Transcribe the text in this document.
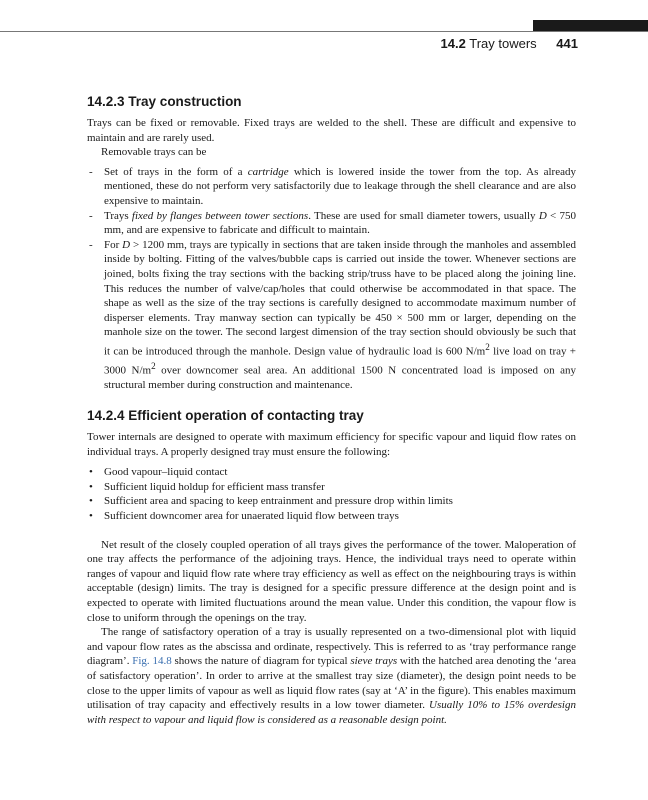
14.2 Tray towers 441
14.2.3 Tray construction

Trays can be fixed or removable. Fixed trays are welded to the shell. These are difficult and expensive to maintain and are rarely used.

Removable trays can be

- Set of trays in the form of a cartridge which is lowered inside the tower from the top. As already mentioned, these do not perform very satisfactorily due to leakage through the shell clearance and are also expensive to maintain.
- Trays fixed by flanges between tower sections. These are used for small diameter towers, usually D < 750 mm, and are expensive to fabricate and difficult to maintain.
- For D > 1200 mm, trays are typically in sections that are taken inside through the manholes and assembled inside by bolting. Fitting of the valves/bubble caps is carried out inside the tower. Whenever sections are joined, bolts fixing the tray sections with the backing strip/truss have to be placed along the joining line. This reduces the number of valve/cap/holes that could otherwise be accommodated in that space. The shape as well as the size of the tray sections is carefully designed to accommodate maximum number of disperser elements. Tray manway section can typically be 450 × 500 mm or larger, depending on the manhole size on the tower. The second largest dimension of the tray section should obviously be such that it can be introduced through the manhole. Design value of hydraulic load is 600 $N/m^2$ live load on tray + 3000 $N/m^2$ over downcomer seal area. An additional 1500 N concentrated load is imposed on any structural member during construction and maintenance.
14.2.4 Efficient operation of contacting tray

Tower internals are designed to operate with maximum efficiency for specific vapour and liquid flow rates on individual trays. A properly designed tray must ensure the following:

• Good vapour–liquid contact
• Sufficient liquid holdup for efficient mass transfer
• Sufficient area and spacing to keep entrainment and pressure drop within limits
• Sufficient downcomer area for unaerated liquid flow between trays

Net result of the closely coupled operation of all trays gives the performance of the tower. Maloperation of one tray affects the performance of the adjoining trays. Hence, the individual trays need to operate within ranges of vapour and liquid flow rate where tray efficiency as well as effect on the neighbouring trays is within acceptable (design) limits. The tray is designed for a specific pressure difference at the design point and is expected to operate with limited fluctuations around the mean value. Under this condition, the vapour flow is close to uniform through the openings on the tray.

The range of satisfactory operation of a tray is usually represented on a two-dimensional plot with liquid and vapour flow rates as the abscissa and ordinate, respectively. This is referred to as ‘tray performance range diagram’. Fig. 14.8 shows the nature of diagram for typical sieve trays with the hatched area denoting the ‘area of satisfactory operation’. In order to arrive at the smallest tray size (diameter), the design point needs to be close to the upper limits of vapour as well as liquid flow rates (say at ‘A’ in the figure). This enables maximum utilisation of tray capacity and effectively results in a low tower diameter. Usually 10% to 15% overdesign with respect to vapour and liquid flow is considered as a reasonable design point.
